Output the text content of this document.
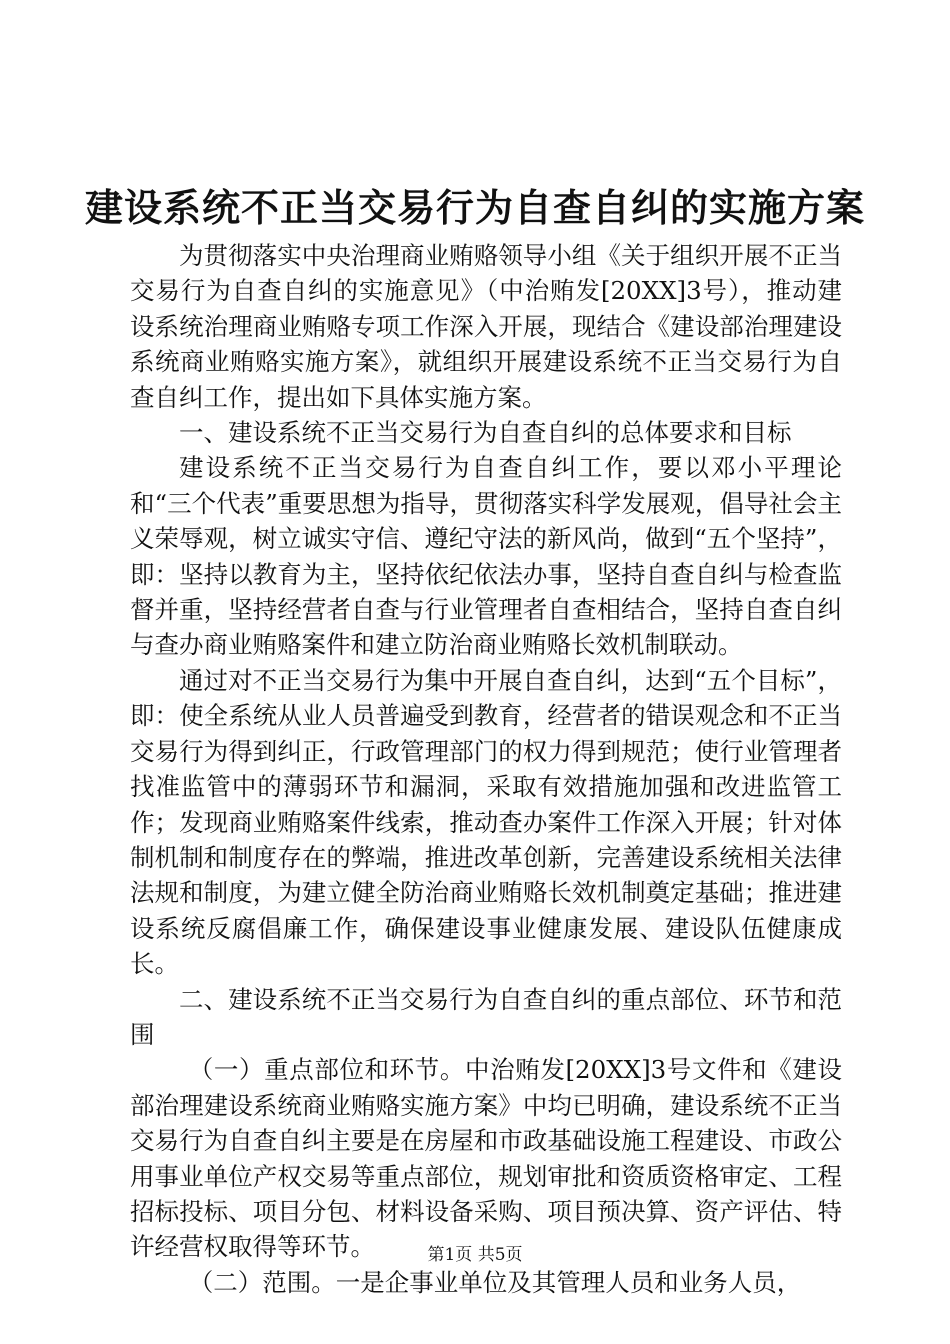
建设系统不正当交易行为自查自纠的实施方案

为贯彻落实中央治理商业贿赂领导小组《关于组织开展不正当交易行为自查自纠的实施意见》（中治贿发[20XX]3号），推动建设系统治理商业贿赂专项工作深入开展，现结合《建设部治理建设系统商业贿赂实施方案》，就组织开展建设系统不正当交易行为自查自纠工作，提出如下具体实施方案。

一、建设系统不正当交易行为自查自纠的总体要求和目标

建设系统不正当交易行为自查自纠工作，要以邓小平理论和“三个代表”重要思想为指导，贯彻落实科学发展观，倡导社会主义荣辱观，树立诚实守信、遵纪守法的新风尚，做到“五个坚持”，即：坚持以教育为主，坚持依纪依法办事，坚持自查自纠与检查监督并重，坚持经营者自查与行业管理者自查相结合，坚持自查自纠与查办商业贿赂案件和建立防治商业贿赂长效机制联动。

通过对不正当交易行为集中开展自查自纠，达到“五个目标”，即：使全系统从业人员普遍受到教育，经营者的错误观念和不正当交易行为得到纠正，行政管理部门的权力得到规范；使行业管理者找准监管中的薄弱环节和漏洞，采取有效措施加强和改进监管工作；发现商业贿赂案件线索，推动查办案件工作深入开展；针对体制机制和制度存在的弊端，推进改革创新，完善建设系统相关法律法规和制度，为建立健全防治商业贿赂长效机制奠定基础；推进建设系统反腐倡廉工作，确保建设事业健康发展、建设队伍健康成长。

二、建设系统不正当交易行为自查自纠的重点部位、环节和范围

（一）重点部位和环节。中治贿发[20XX]3号文件和《建设部治理建设系统商业贿赂实施方案》中均已明确，建设系统不正当交易行为自查自纠主要是在房屋和市政基础设施工程建设、市政公用事业单位产权交易等重点部位，规划审批和资质资格审定、工程招标投标、项目分包、材料设备采购、项目预决算、资产评估、特许经营权取得等环节。

（二）范围。一是企事业单位及其管理人员和业务人员，

第1页 共5页
